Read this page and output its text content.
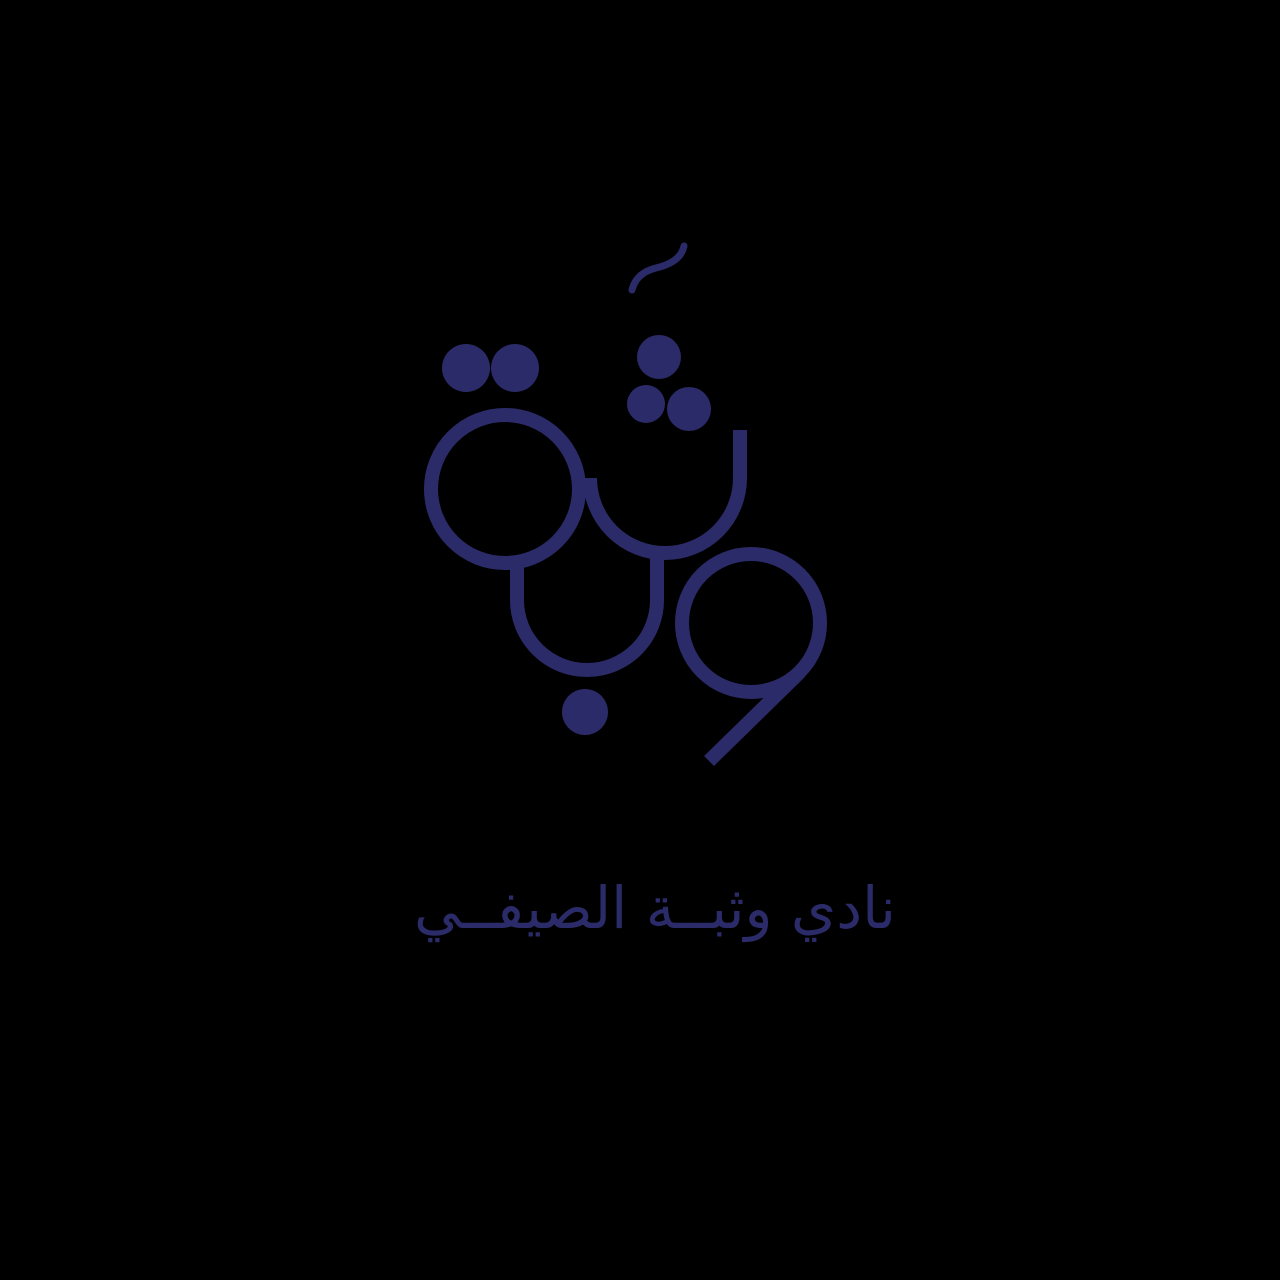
نادي وثبــة الصيفــي
